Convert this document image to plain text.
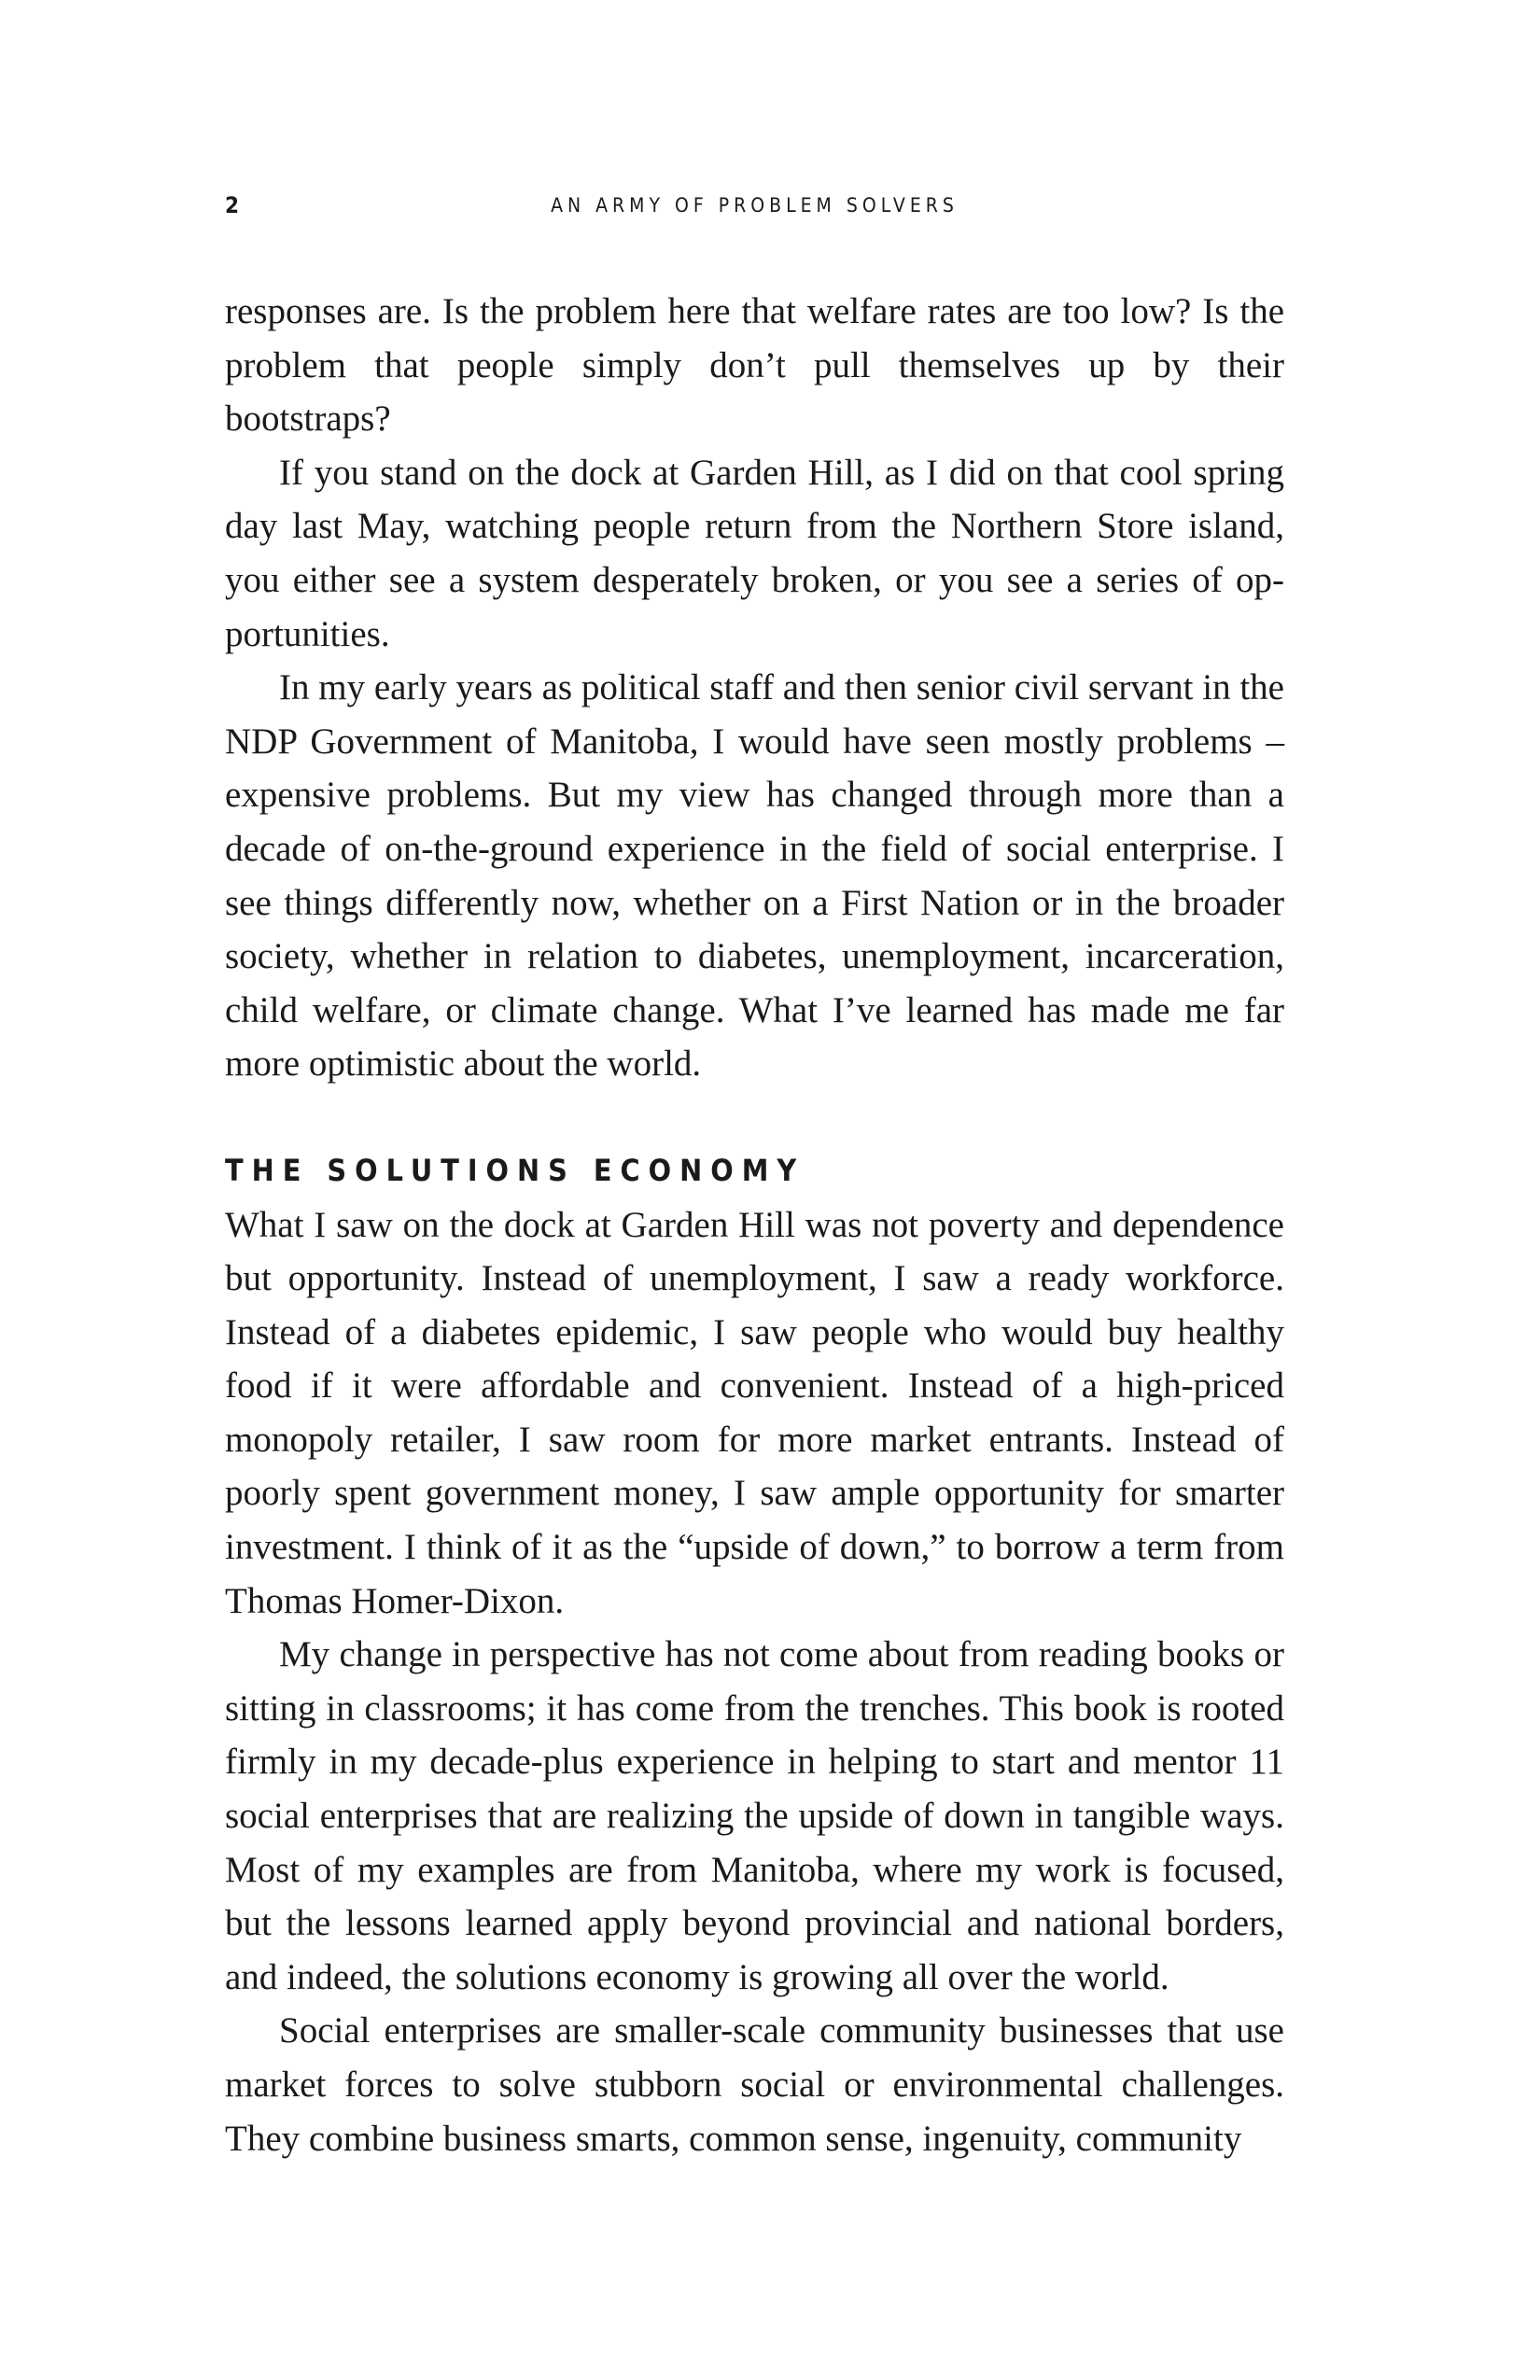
2	AN ARMY OF PROBLEM SOLVERS

responses are. Is the problem here that welfare rates are too low? Is the problem that people simply don’t pull themselves up by their bootstraps?

If you stand on the dock at Garden Hill, as I did on that cool spring day last May, watching people return from the Northern Store island, you either see a system desperately broken, or you see a series of opportunities.

In my early years as political staff and then senior civil servant in the NDP Government of Manitoba, I would have seen mostly problems – expensive problems. But my view has changed through more than a decade of on-the-ground experience in the field of social enterprise. I see things differently now, whether on a First Nation or in the broader society, whether in relation to diabetes, unemployment, incarceration, child welfare, or climate change. What I’ve learned has made me far more optimistic about the world.

THE SOLUTIONS ECONOMY

What I saw on the dock at Garden Hill was not poverty and dependence but opportunity. Instead of unemployment, I saw a ready workforce. Instead of a diabetes epidemic, I saw people who would buy healthy food if it were affordable and convenient. Instead of a high-priced monopoly retailer, I saw room for more market entrants. Instead of poorly spent government money, I saw ample opportunity for smarter investment. I think of it as the “upside of down,” to borrow a term from Thomas Homer-Dixon.

My change in perspective has not come about from reading books or sitting in classrooms; it has come from the trenches. This book is rooted firmly in my decade-plus experience in helping to start and mentor 11 social enterprises that are realizing the upside of down in tangible ways. Most of my examples are from Manitoba, where my work is focused, but the lessons learned apply beyond provincial and national borders, and indeed, the solutions economy is growing all over the world.

Social enterprises are smaller-scale community businesses that use market forces to solve stubborn social or environmental challenges. They combine business smarts, common sense, ingenuity, community
